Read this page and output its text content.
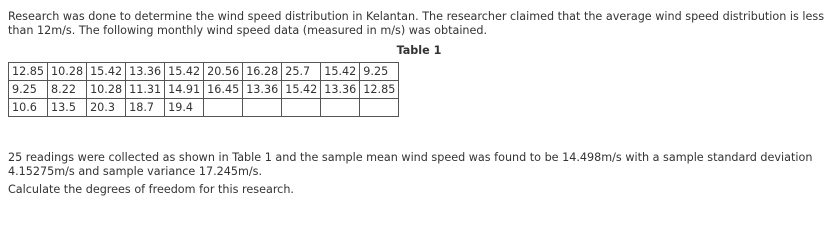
Research was done to determine the wind speed distribution in Kelantan. The researcher claimed that the average wind speed distribution is less than 12m/s. The following monthly wind speed data (measured in m/s) was obtained.

Table 1

12.85	10.28	15.42	13.36	15.42	20.56	16.28	25.7	15.42	9.25
9.25	8.22	10.28	11.31	14.91	16.45	13.36	15.42	13.36	12.85
10.6	13.5	20.3	18.7	19.4					

25 readings were collected as shown in Table 1 and the sample mean wind speed was found to be 14.498m/s with a sample standard deviation 4.15275m/s and sample variance 17.245m/s.

Calculate the degrees of freedom for this research.
